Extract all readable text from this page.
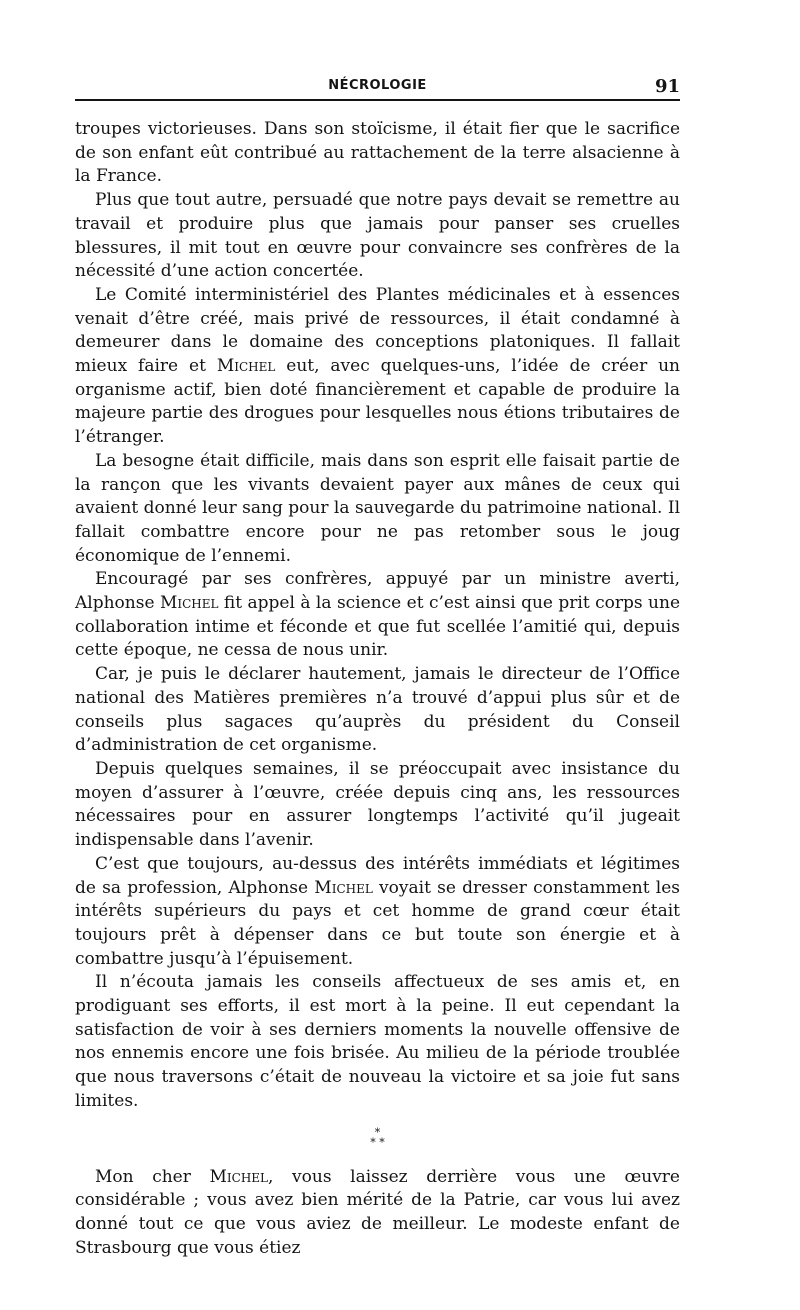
NÉCROLOGIE	91

troupes victorieuses. Dans son stoïcisme, il était fier que le sacrifice de son enfant eût contribué au rattachement de la terre alsacienne à la France.

Plus que tout autre, persuadé que notre pays devait se remettre au travail et produire plus que jamais pour panser ses cruelles blessures, il mit tout en œuvre pour convaincre ses confrères de la nécessité d’une action concertée.

Le Comité interministériel des Plantes médicinales et à essences venait d’être créé, mais privé de ressources, il était condamné à demeurer dans le domaine des conceptions platoniques. Il fallait mieux faire et Michel eut, avec quelques-uns, l’idée de créer un organisme actif, bien doté financièrement et capable de produire la majeure partie des drogues pour lesquelles nous étions tributaires de l’étranger.

La besogne était difficile, mais dans son esprit elle faisait partie de la rançon que les vivants devaient payer aux mânes de ceux qui avaient donné leur sang pour la sauvegarde du patrimoine national. Il fallait combattre encore pour ne pas retomber sous le joug économique de l’ennemi.

Encouragé par ses confrères, appuyé par un ministre averti, Alphonse Michel fit appel à la science et c’est ainsi que prit corps une collaboration intime et féconde et que fut scellée l’amitié qui, depuis cette époque, ne cessa de nous unir.

Car, je puis le déclarer hautement, jamais le directeur de l’Office national des Matières premières n’a trouvé d’appui plus sûr et de conseils plus sagaces qu’auprès du président du Conseil d’administration de cet organisme.

Depuis quelques semaines, il se préoccupait avec insistance du moyen d’assurer à l’œuvre, créée depuis cinq ans, les ressources nécessaires pour en assurer longtemps l’activité qu’il jugeait indispensable dans l’avenir.

C’est que toujours, au-dessus des intérêts immédiats et légitimes de sa profession, Alphonse Michel voyait se dresser constamment les intérêts supérieurs du pays et cet homme de grand cœur était toujours prêt à dépenser dans ce but toute son énergie et à combattre jusqu’à l’épuisement.

Il n’écouta jamais les conseils affectueux de ses amis et, en prodiguant ses efforts, il est mort à la peine. Il eut cependant la satisfaction de voir à ses derniers moments la nouvelle offensive de nos ennemis encore une fois brisée. Au milieu de la période troublée que nous traversons c’était de nouveau la victoire et sa joie fut sans limites.

*
* *

Mon cher Michel, vous laissez derrière vous une œuvre considérable ; vous avez bien mérité de la Patrie, car vous lui avez donné tout ce que vous aviez de meilleur. Le modeste enfant de Strasbourg que vous étiez
